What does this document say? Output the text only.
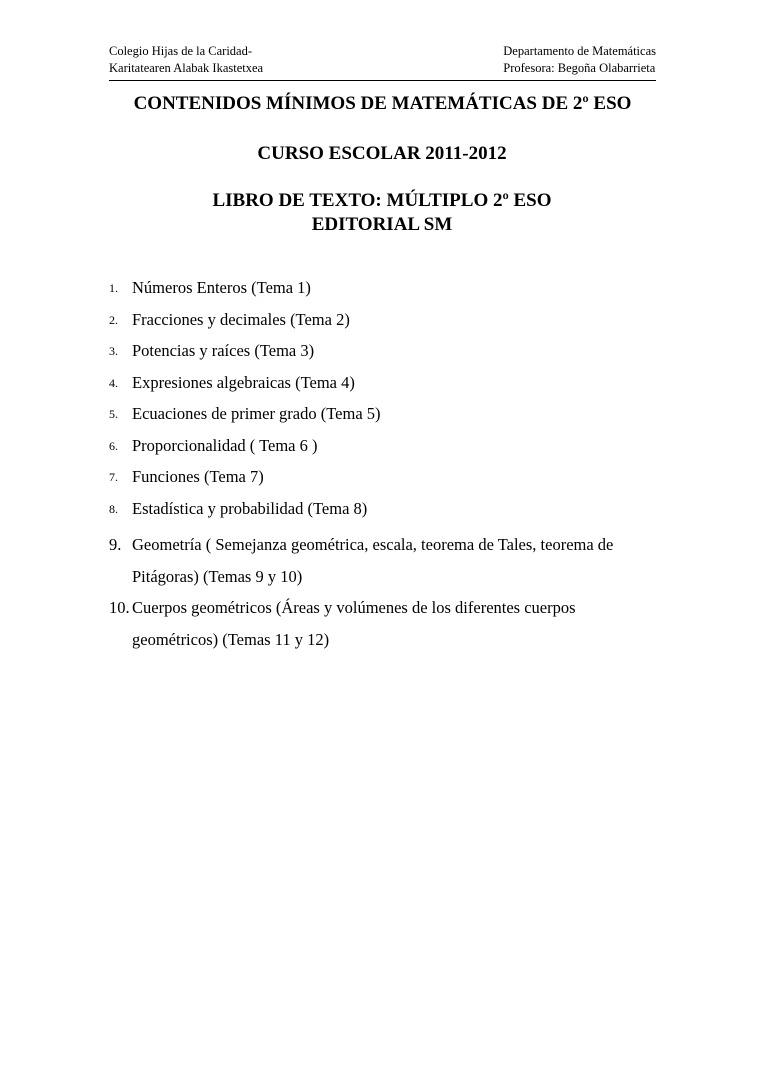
Colegio Hijas de la Caridad-
Karitatearen Alabak Ikastetxea
Departamento de Matemáticas
Profesora: Begoña Olabarrieta
CONTENIDOS MÍNIMOS DE MATEMÁTICAS DE 2º ESO
CURSO ESCOLAR 2011-2012
LIBRO DE TEXTO: MÚLTIPLO 2º ESO
EDITORIAL SM
1. Números Enteros (Tema 1)
2. Fracciones y decimales (Tema 2)
3. Potencias y raíces (Tema 3)
4. Expresiones algebraicas (Tema 4)
5. Ecuaciones de primer grado (Tema 5)
6. Proporcionalidad ( Tema 6 )
7. Funciones (Tema 7)
8. Estadística y probabilidad (Tema 8)
9. Geometría ( Semejanza geométrica, escala, teorema de Tales, teorema de Pitágoras) (Temas 9 y 10)
10. Cuerpos geométricos (Áreas y volúmenes de los diferentes cuerpos geométricos) (Temas 11 y 12)
